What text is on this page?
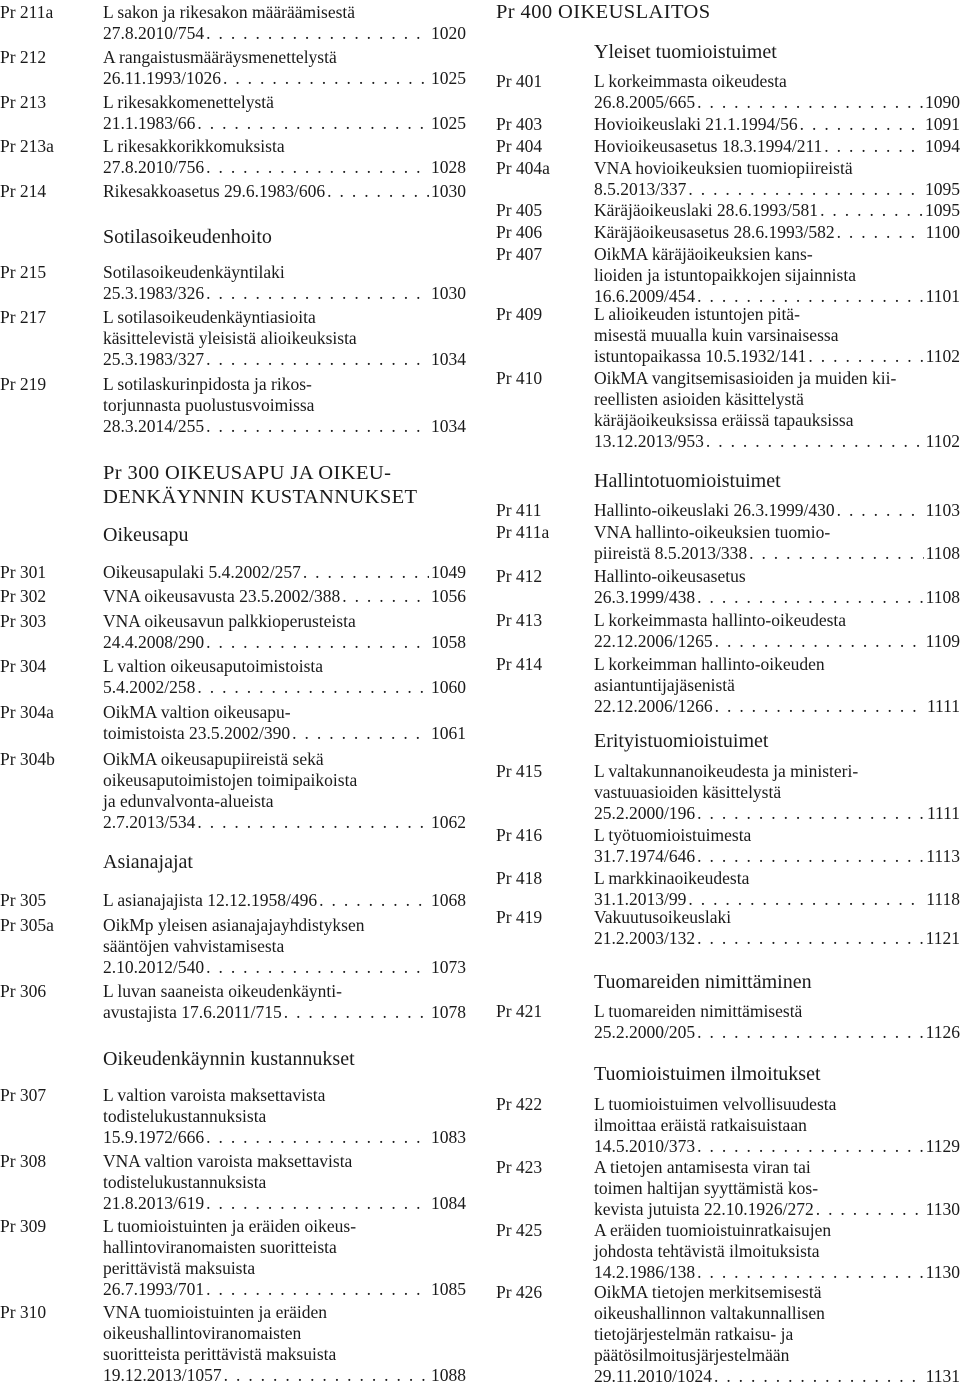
Pr 211a	L sakon ja rikesakon määräämisestä
27.8.2010/754 . . .	1020
Pr 212	A rangaistusmääräysmenettelystä
26.11.1993/1026 . . .	1025
Pr 213	L rikesakkomenettelystä
21.1.1983/66 . . .	1025
Pr 213a	L rikesakkorikkomuksista
27.8.2010/756 . . .	1028
Pr 214	Rikesakkoasetus 29.6.1983/606 . . .	1030
Sotilasoikeudenhoito
Pr 215	Sotilasoikeudenkäyntilaki
25.3.1983/326 . . .	1030
Pr 217	L sotilasoikeudenkäyntiasioita
käsittelevistä yleisistä alioikeuksista
25.3.1983/327 . . .	1034
Pr 219	L sotilaskurinpidosta ja rikos-
torjunnasta puolustusvoimissa
28.3.2014/255 . . .	1034
Pr 300 OIKEUSAPU JA OIKEU-
DENKÄYNNIN KUSTANNUKSET
Oikeusapu
Pr 301	Oikeusapulaki 5.4.2002/257 . . .	1049
Pr 302	VNA oikeusavusta 23.5.2002/388 . . .	1056
Pr 303	VNA oikeusavun palkkioperusteista
24.4.2008/290 . . .	1058
Pr 304	L valtion oikeusaputoimistoista
5.4.2002/258 . . .	1060
Pr 304a	OikMA valtion oikeusapu-
toimistoista 23.5.2002/390 . . .	1061
Pr 304b	OikMA oikeusapupiireistä sekä
oikeusaputoimistojen toimipaikoista
ja edunvalvonta-alueista
2.7.2013/534 . . .	1062
Asianajajat
Pr 305	L asianajajista 12.12.1958/496 . . .	1068
Pr 305a	OikMp yleisen asianajajayhdistyksen
sääntöjen vahvistamisesta
2.10.2012/540 . . .	1073
Pr 306	L luvan saaneista oikeudenkäynti-
avustajista 17.6.2011/715 . . .	1078
Oikeudenkäynnin kustannukset
Pr 307	L valtion varoista maksettavista
todistelukustannuksista
15.9.1972/666 . . .	1083
Pr 308	VNA valtion varoista maksettavista
todistelukustannuksista
21.8.2013/619 . . .	1084
Pr 309	L tuomioistuinten ja eräiden oikeus-
hallintoviranomaisten suoritteista
perittävistä maksuista
26.7.1993/701 . . .	1085
Pr 310	VNA tuomioistuinten ja eräiden
oikeushallintoviranomaisten
suoritteista perittävistä maksuista
19.12.2013/1057 . . .	1088
Pr 400 OIKEUSLAITOS
Yleiset tuomioistuimet
Pr 401	L korkeimmasta oikeudesta
26.8.2005/665 . . .	1090
Pr 403	Hovioikeuslaki 21.1.1994/56 . . .	1091
Pr 404	Hovioikeusasetus 18.3.1994/211 . . .	1094
Pr 404a	VNA hovioikeuksien tuomiopiireistä
8.5.2013/337 . . .	1095
Pr 405	Käräjäoikeuslaki 28.6.1993/581 . . .	1095
Pr 406	Käräjäoikeusasetus 28.6.1993/582 . . .	1100
Pr 407	OikMA käräjäoikeuksien kans-
lioiden ja istuntopaikkojen sijainnista
16.6.2009/454 . . .	1101
Pr 409	L alioikeuden istuntojen pitä-
misestä muualla kuin varsinaisessa
istuntopaikassa 10.5.1932/141 . . .	1102
Pr 410	OikMA vangitsemisasioiden ja muiden kii-
reellisten asioiden käsittelystä
käräjäoikeuksissa eräissä tapauksissa
13.12.2013/953 . . .	1102
Hallintotuomioistuimet
Pr 411	Hallinto-oikeuslaki 26.3.1999/430 . . .	1103
Pr 411a	VNA hallinto-oikeuksien tuomio-
piireistä 8.5.2013/338 . . .	1108
Pr 412	Hallinto-oikeusasetus
26.3.1999/438 . . .	1108
Pr 413	L korkeimmasta hallinto-oikeudesta
22.12.2006/1265 . . .	1109
Pr 414	L korkeimman hallinto-oikeuden
asiantuntijajäsenistä
22.12.2006/1266 . . .	1111
Erityistuomioistuimet
Pr 415	L valtakunnanoikeudesta ja ministeri-
vastuuasioiden käsittelystä
25.2.2000/196 . . .	1111
Pr 416	L työtuomioistuimesta
31.7.1974/646 . . .	1113
Pr 418	L markkinaoikeudesta
31.1.2013/99 . . .	1118
Pr 419	Vakuutusoikeuslaki
21.2.2003/132 . . .	1121
Tuomareiden nimittäminen
Pr 421	L tuomareiden nimittämisestä
25.2.2000/205 . . .	1126
Tuomioistuimen ilmoitukset
Pr 422	L tuomioistuimen velvollisuudesta
ilmoittaa eräistä ratkaisuistaan
14.5.2010/373 . . .	1129
Pr 423	A tietojen antamisesta viran tai
toimen haltijan syyttämistä kos-
kevista jutuista 22.10.1926/272 . . .	1130
Pr 425	A eräiden tuomioistuinratkaisujen
johdosta tehtävistä ilmoituksista
14.2.1986/138 . . .	1130
Pr 426	OikMA tietojen merkitsemisestä
oikeushallinnon valtakunnallisen
tietojärjestelmän ratkaisu- ja
päätösilmoitusjärjestelmään
29.11.2010/1024 . . .	1131
